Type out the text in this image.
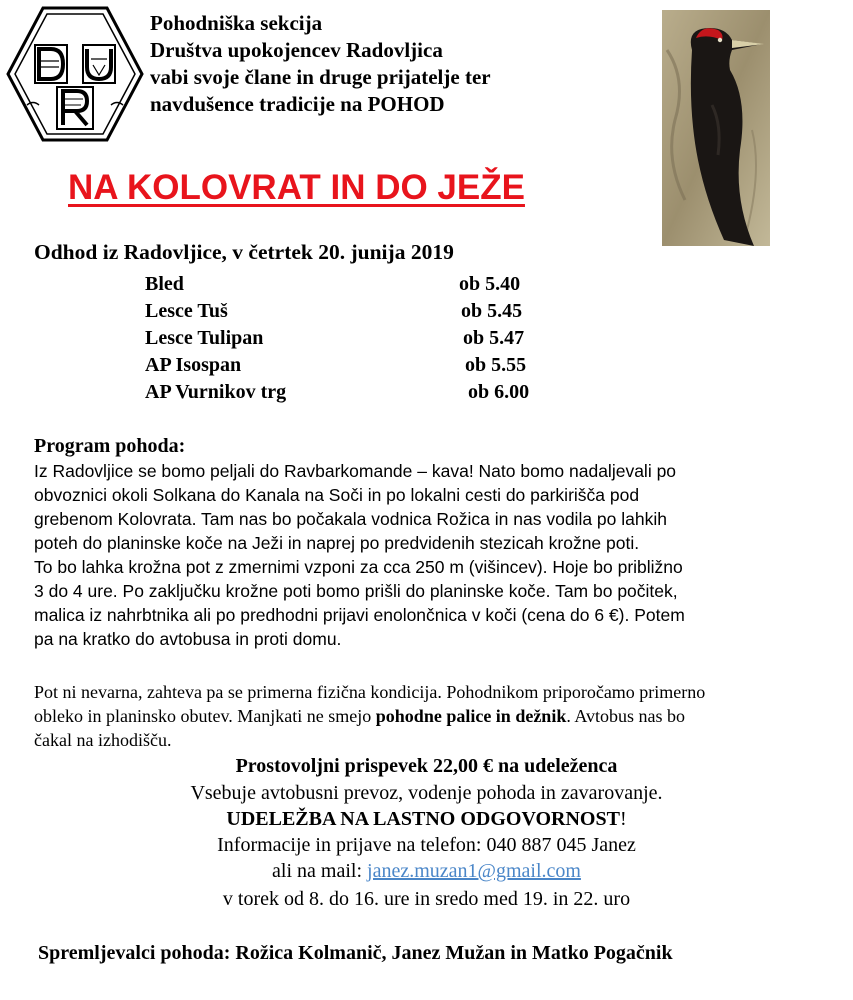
Pohodniška sekcija
Društva upokojencev Radovljica
vabi svoje člane in druge prijatelje ter
navdušence tradicije na POHOD
NA KOLOVRAT IN DO JEŽE
Odhod iz Radovljice, v četrtek 20. junija 2019
Bled	ob 5.40
Lesce Tuš	ob 5.45
Lesce Tulipan	ob 5.47
AP Isospan	ob 5.55
AP Vurnikov trg	ob 6.00
Program pohoda:
Iz Radovljice se bomo peljali do Ravbarkomande – kava! Nato bomo nadaljevali po
obvoznici okoli Solkana do Kanala na Soči in po lokalni cesti do parkirišča pod
grebenom Kolovrata. Tam nas bo počakala vodnica Rožica in nas vodila po lahkih
poteh do planinske koče na Ježi in naprej po predvidenih stezicah krožne poti.
To bo lahka krožna pot z zmernimi vzponi za cca 250 m (višincev). Hoje bo približno
3 do 4 ure. Po zaključku krožne poti bomo prišli do planinske koče. Tam bo počitek,
malica iz nahrbtnika ali po predhodni prijavi enolončnica v koči (cena do 6 €). Potem
pa na kratko do avtobusa in proti domu.
Pot ni nevarna, zahteva pa se primerna fizična kondicija. Pohodnikom priporočamo primerno
obleko in planinsko obutev. Manjkati ne smejo pohodne palice in dežnik. Avtobus nas bo
čakal na izhodišču.
Prostovoljni prispevek 22,00 € na udeleženca
Vsebuje avtobusni prevoz, vodenje pohoda in zavarovanje.
UDELEŽBA NA LASTNO ODGOVORNOST!
Informacije in prijave na telefon: 040 887 045 Janez
ali na mail: janez.muzan1@gmail.com
v torek od 8. do 16. ure in sredo med 19. in 22. uro
Spremljevalci pohoda: Rožica Kolmanič, Janez Mužan in Matko Pogačnik
